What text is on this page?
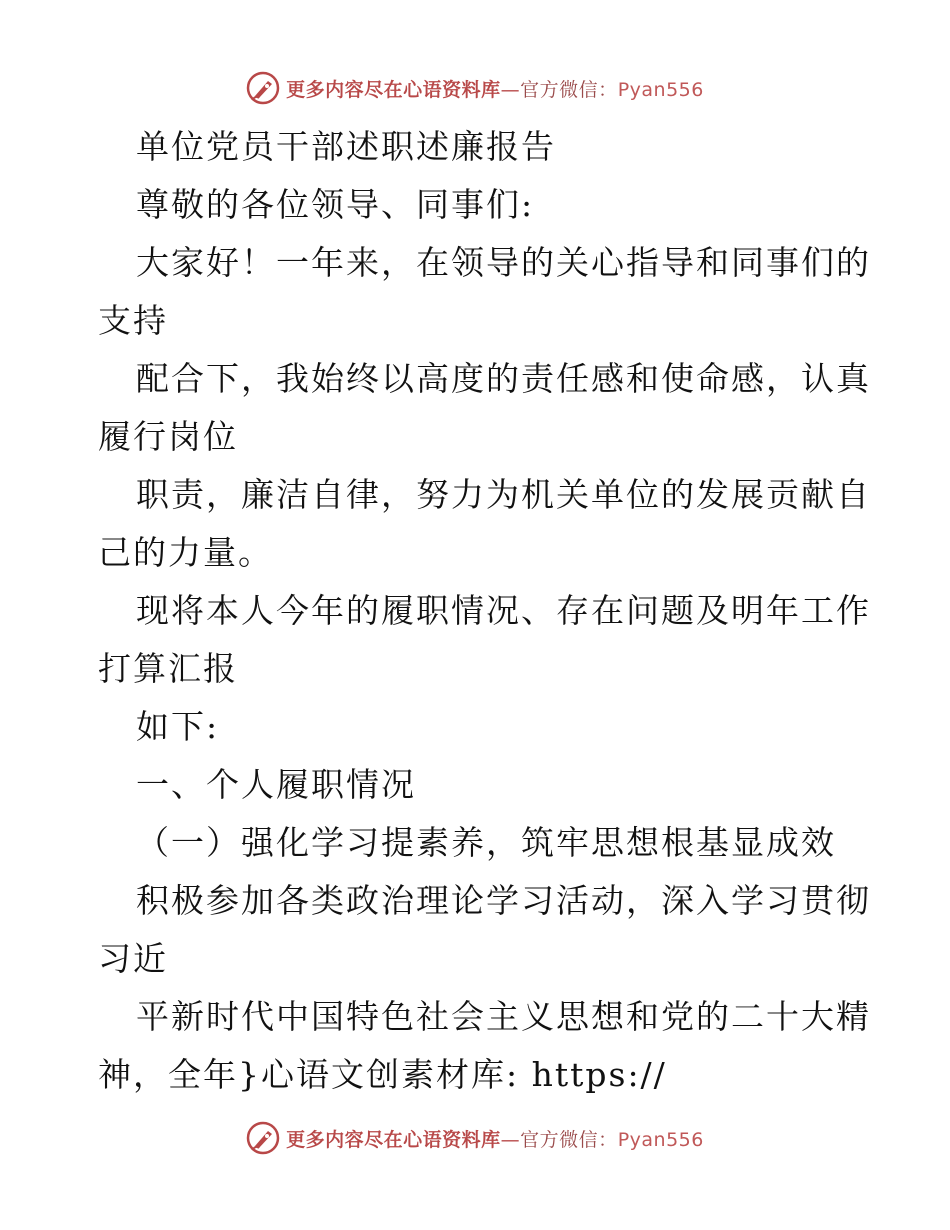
更多内容尽在心语资料库—官方微信：Pyan556
单位党员干部述职述廉报告
尊敬的各位领导、同事们:
大家好！一年来，在领导的关心指导和同事们的
支持
配合下，我始终以高度的责任感和使命感，认真
履行岗位
职责，廉洁自律，努力为机关单位的发展贡献自
己的力量。
现将本人今年的履职情况、存在问题及明年工作
打算汇报
如下:
一、个人履职情况
（一）强化学习提素养，筑牢思想根基显成效
积极参加各类政治理论学习活动，深入学习贯彻
习近
平新时代中国特色社会主义思想和党的二十大精
神，全年}心语文创素材库: https://
更多内容尽在心语资料库—官方微信：Pyan556
